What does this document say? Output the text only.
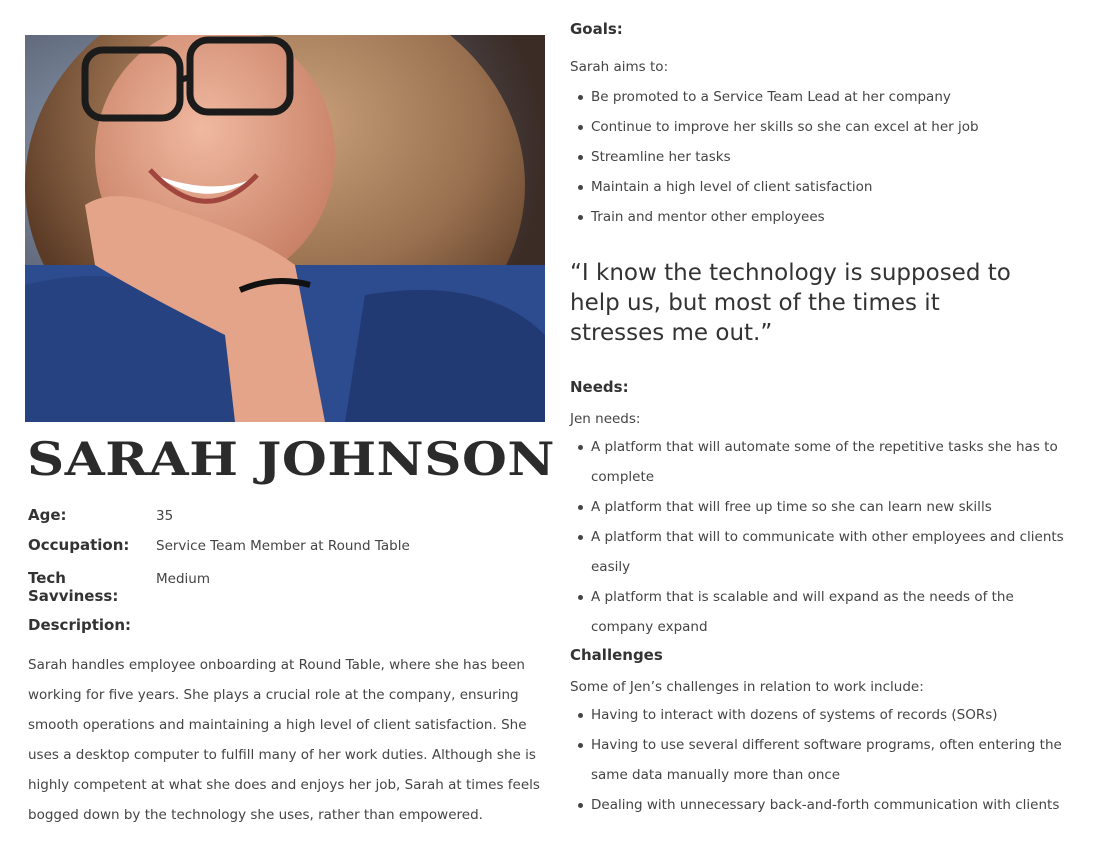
SARAH JOHNSON
Age:	35
Occupation:	Service Team Member at Round Table
Tech Savviness:
Medium
Description:
Sarah handles employee onboarding at Round Table, where she has been working for five years. She plays a crucial role at the company, ensuring smooth operations and maintaining a high level of client satisfaction. She uses a desktop computer to fulfill many of her work duties. Although she is highly competent at what she does and enjoys her job, Sarah at times feels bogged down by the technology she uses, rather than empowered.
Goals:
Sarah aims to:
Be promoted to a Service Team Lead at her company
Continue to improve her skills so she can excel at her job
Streamline her tasks
Maintain a high level of client satisfaction
Train and mentor other employees
“I know the technology is supposed to help us, but most of the times it stresses me out.”
Needs:
Jen needs:
A platform that will automate some of the repetitive tasks she has to complete
A platform that will free up time so she can learn new skills
A platform that will to communicate with other employees and clients easily
A platform that is scalable and will expand as the needs of the company expand
Challenges
Some of Jen’s challenges in relation to work include:
Having to interact with dozens of systems of records (SORs)
Having to use several different software programs, often entering the same data manually more than once
Dealing with unnecessary back-and-forth communication with clients
